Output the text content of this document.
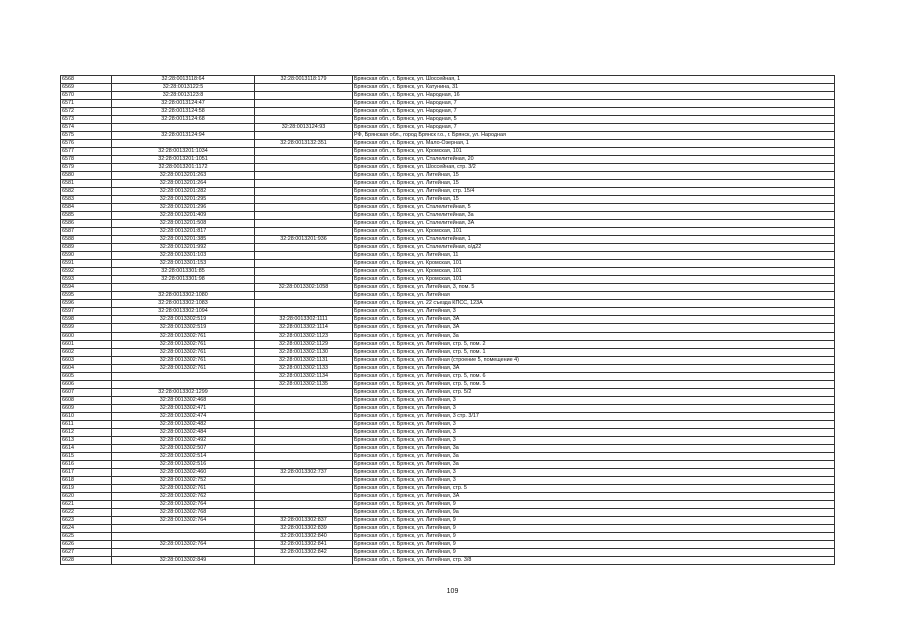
6568	32:28:0013118:64	32:28:0013118:179	Брянская обл., г. Брянск, ул. Шоссейная, 1
6569	32:28:0013122:5		Брянская обл., г. Брянск, ул. Катунина, 31
6570	32:28:0013123:8		Брянская обл., г. Брянск, ул. Народная, 16
6571	32:28:0013124:47		Брянская обл., г. Брянск, ул. Народная, 7
6572	32:28:0013124:58		Брянская обл., г. Брянск, ул. Народная, 7
6573	32:28:0013124:68		Брянская обл., г. Брянск, ул. Народная, 5
6574		32:28:0013124:93	Брянская обл., г. Брянск, ул. Народная, 7
6575	32:28:0013124:94		РФ, Брянская обл., город Брянск г.о., г. Брянск, ул. Народная
6576		32:28:0013132:351	Брянская обл., г. Брянск, ул. Мало-Озерная, 1
6577	32:28:0013201:1034		Брянская обл., г. Брянск, ул. Кромская, 101
6578	32:28:0013201:1051		Брянская обл., г. Брянск, ул. Сталелитейная, 20
6579	32:28:0013201:1172		Брянская обл., г. Брянск, ул. Шоссейная, стр. 3/2
6580	32:28:0013201:263		Брянская обл., г. Брянск, ул. Литейная, 15
6581	32:28:0013201:264		Брянская обл., г. Брянск, ул. Литейная, 15
6582	32:28:0013201:282		Брянская обл., г. Брянск, ул. Литейная, стр. 15/4
6583	32:28:0013201:295		Брянская обл., г. Брянск, ул. Литейная, 15
6584	32:28:0013201:296		Брянская обл., г. Брянск, ул. Сталелитейная, 5
6585	32:28:0013201:409		Брянская обл., г. Брянск, ул. Сталелитейная, 3а
6586	32:28:0013201:508		Брянская обл., г. Брянск, ул. Сталелитейная, 3А
6587	32:28:0013201:817		Брянская обл., г. Брянск, ул. Кромская, 101
6588	32:28:0013201:385	32:28:0013201:936	Брянская обл., г. Брянск, ул. Сталелитейная, 1
6589	32:28:0013201:992		Брянская обл., г. Брянск, ул. Сталелитейная, о/д22
6590	32:28:0013301:103		Брянская обл., г. Брянск, ул. Литейная, 11
6591	32:28:0013301:153		Брянская обл., г. Брянск, ул. Кромская, 101
6592	32:28:0013301:85		Брянская обл., г. Брянск, ул. Кромская, 101
6593	32:28:0013301:98		Брянская обл., г. Брянск, ул. Кромская, 101
6594		32:28:0013302:1058	Брянская обл., г. Брянск, ул. Литейная, 3, пом. 5
6595	32:28:0013302:1080		Брянская обл., г. Брянск, ул. Литейная
6596	32:28:0013302:1083		Брянская обл., г. Брянск, ул. 22 съезда КПСС, 123А
6597	32:28:0013302:1094		Брянская обл., г. Брянск, ул. Литейная, 3
6598	32:28:0013302:519	32:28:0013302:1111	Брянская обл., г. Брянск, ул. Литейная, 3А
6599	32:28:0013302:519	32:28:0013302:1114	Брянская обл., г. Брянск, ул. Литейная, 3А
6600	32:28:0013302:761	32:28:0013302:1123	Брянская обл., г. Брянск, ул. Литейная, 3а
6601	32:28:0013302:761	32:28:0013302:1129	Брянская обл., г. Брянск, ул. Литейная, стр. 5, пом. 2
6602	32:28:0013302:761	32:28:0013302:1130	Брянская обл., г. Брянск, ул. Литейная, стр. 5, пом. 1
6603	32:28:0013302:761	32:28:0013302:1131	Брянская обл., г. Брянск, ул. Литейная (строение 5, помещение 4)
6604	32:28:0013302:761	32:28:0013302:1133	Брянская обл., г. Брянск, ул. Литейная, 3А
6605		32:28:0013302:1134	Брянская обл., г. Брянск, ул. Литейная, стр. 5, пом. 6
6606		32:28:0013302:1135	Брянская обл., г. Брянск, ул. Литейная, стр. 5, пом. 5
6607	32:28:0013302:1299		Брянская обл., г. Брянск, ул. Литейная, стр. 5/2
6608	32:28:0013302:468		Брянская обл., г. Брянск, ул. Литейная, 3
6609	32:28:0013302:471		Брянская обл., г. Брянск, ул. Литейная, 3
6610	32:28:0013302:474		Брянская обл., г. Брянск, ул. Литейная, 3 стр. 3/17
6611	32:28:0013302:482		Брянская обл., г. Брянск, ул. Литейная, 3
6612	32:28:0013302:484		Брянская обл., г. Брянск, ул. Литейная, 3
6613	32:28:0013302:492		Брянская обл., г. Брянск, ул. Литейная, 3
6614	32:28:0013302:507		Брянская обл., г. Брянск, ул. Литейная, 3а
6615	32:28:0013302:514		Брянская обл., г. Брянск, ул. Литейная, 3а
6616	32:28:0013302:516		Брянская обл., г. Брянск, ул. Литейная, 3а
6617	32:28:0013302:460	32:28:0013302:737	Брянская обл., г. Брянск, ул. Литейная, 3
6618	32:28:0013302:752		Брянская обл., г. Брянск, ул. Литейная, 3
6619	32:28:0013302:761		Брянская обл., г. Брянск, ул. Литейная, стр. 5
6620	32:28:0013302:762		Брянская обл., г. Брянск, ул. Литейная, 3А
6621	32:28:0013302:764		Брянская обл., г. Брянск, ул. Литейная, 9
6622	32:28:0013302:768		Брянская обл., г. Брянск, ул. Литейная, 9а
6623	32:28:0013302:764	32:28:0013302:837	Брянская обл., г. Брянск, ул. Литейная, 9
6624		32:28:0013302:839	Брянская обл., г. Брянск, ул. Литейная, 9
6625		32:28:0013302:840	Брянская обл., г. Брянск, ул. Литейная, 9
6626	32:28:0013302:764	32:28:0013302:841	Брянская обл., г. Брянск, ул. Литейная, 9
6627		32:28:0013302:842	Брянская обл., г. Брянск, ул. Литейная, 9
6628	32:28:0013302:849		Брянская обл., г. Брянск, ул. Литейная, стр. 3/8
109
